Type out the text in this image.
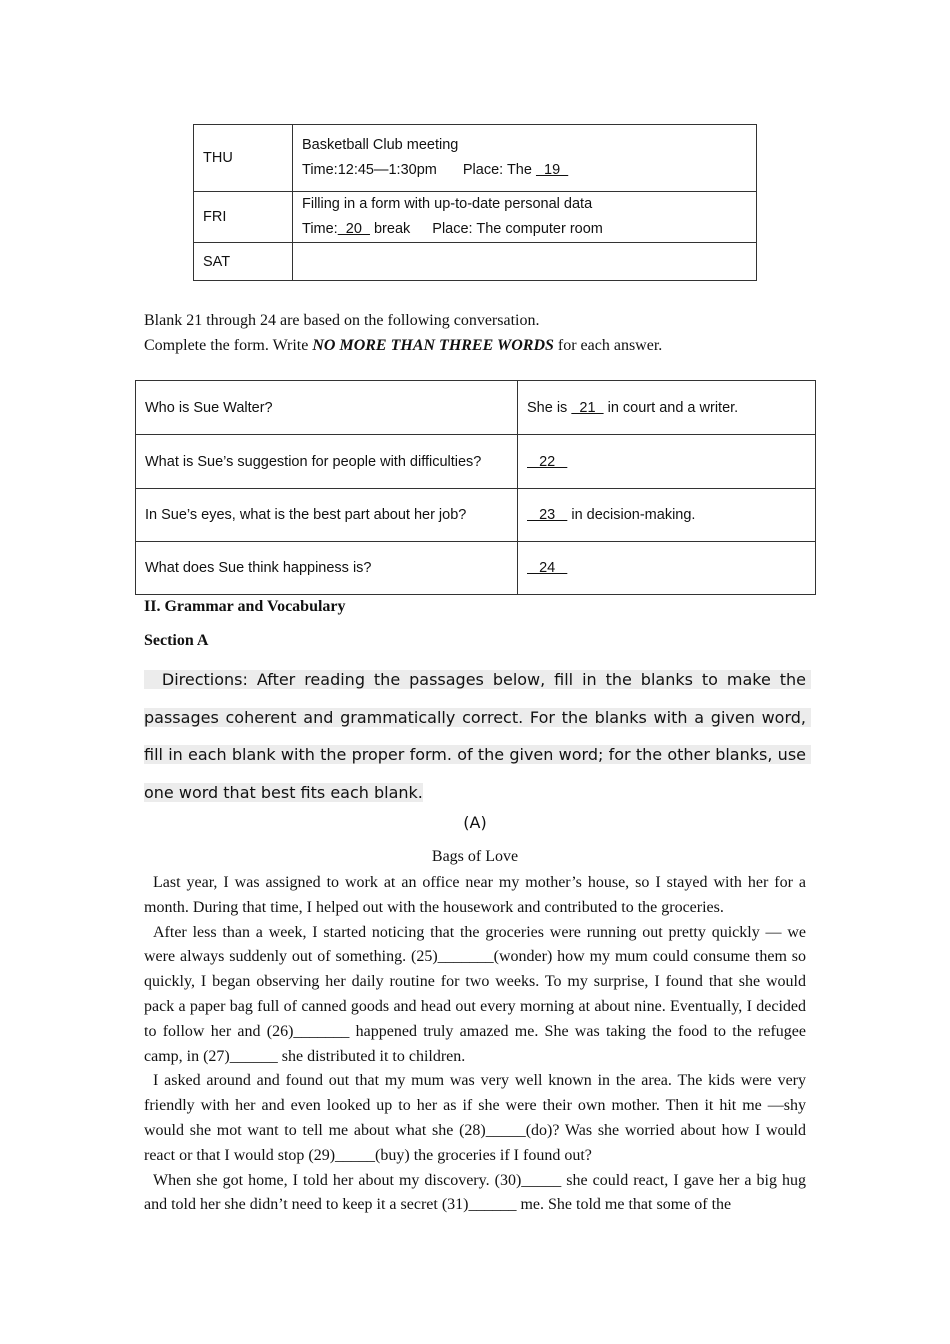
THU	Basketball Club meeting
Time:12:45—1:30pm Place: The   19

FRI	Filling in a form with up-to-date personal data
Time:  20   break Place: The computer room

SAT	
Blank 21 through 24 are based on the following conversation.
Complete the form. Write NO MORE THAN THREE WORDS for each answer.
Who is Sue Walter?	She is   21   in court and a writer.
What is Sue’s suggestion for people with difficulties?	22
In Sue’s eyes, what is the best part about her job?	23    in decision-making.
What does Sue think happiness is?	24
II. Grammar and Vocabulary
Section A
Directions: After reading the passages below, fill in the blanks to make the passages coherent and grammatically correct. For the blanks with a given word, fill in each blank with the proper form. of the given word; for the other blanks, use one word that best fits each blank.
(A)
Bags of Love

Last year, I was assigned to work at an office near my mother’s house, so I stayed with her for a month. During that time, I helped out with the housework and contributed to the groceries.

After less than a week, I started noticing that the groceries were running out pretty quickly — we were always suddenly out of something. (25)_______(wonder) how my mum could consume them so quickly, I began observing her daily routine for two weeks. To my surprise, I found that she would pack a paper bag full of canned goods and head out every morning at about nine. Eventually, I decided to follow her and (26)_______ happened truly amazed me. She was taking the food to the refugee camp, in (27)______ she distributed it to children.

I asked around and found out that my mum was very well known in the area. The kids were very friendly with her and even looked up to her as if she were their own mother. Then it hit me —shy would she mot want to tell me about what she (28)_____(do)? Was she worried about how I would react or that I would stop (29)_____(buy) the groceries if I found out?

When she got home, I told her about my discovery. (30)_____ she could react, I gave her a big hug and told her she didn’t need to keep it a secret (31)______ me. She told me that some of the
